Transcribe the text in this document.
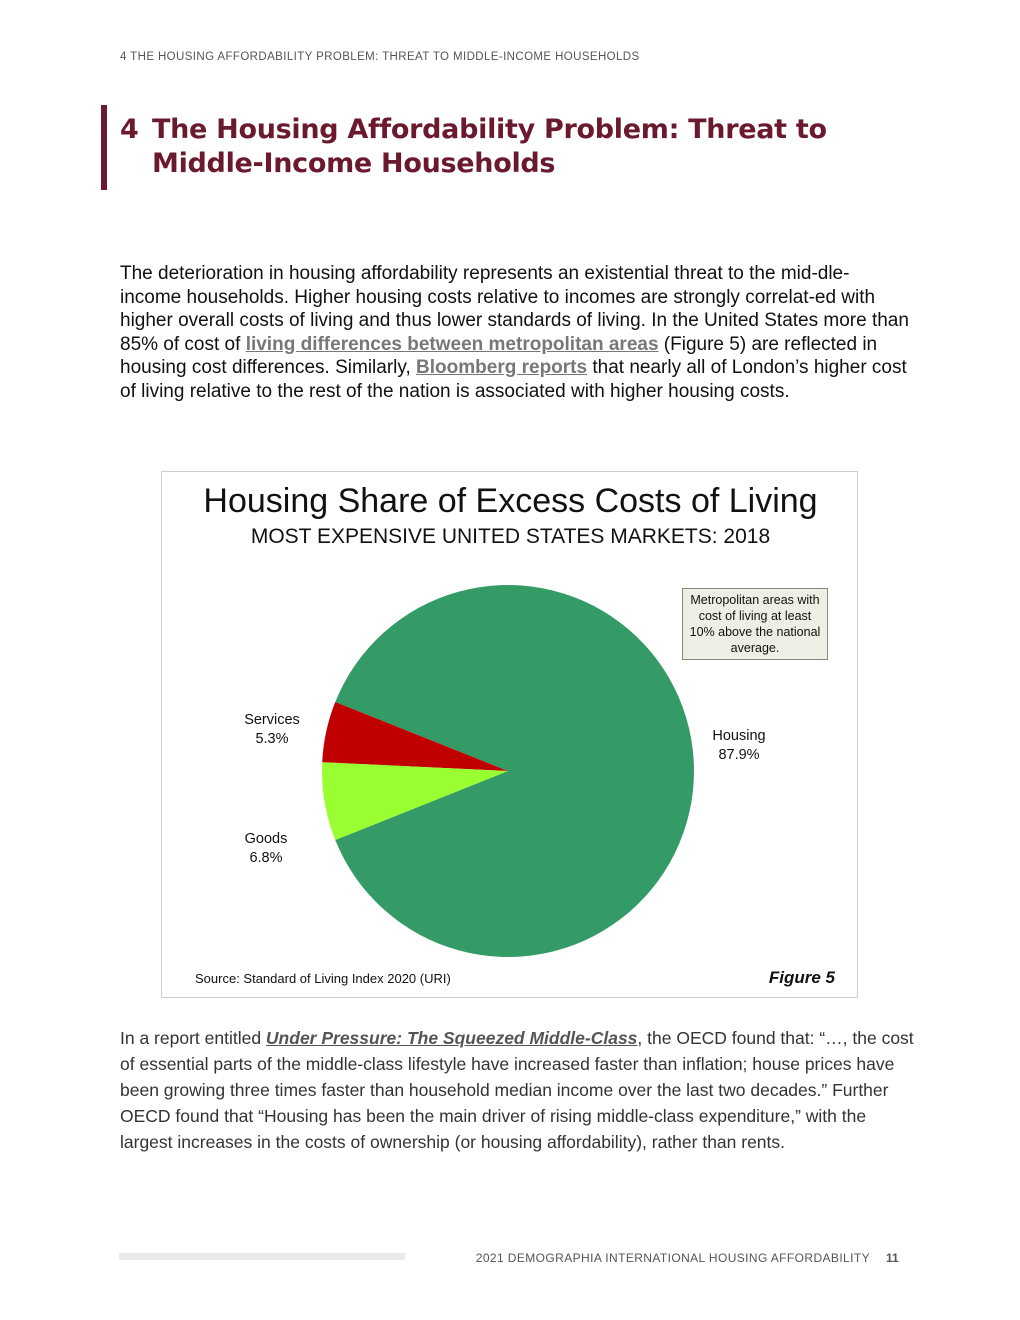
4 THE HOUSING AFFORDABILITY PROBLEM: THREAT TO MIDDLE-INCOME HOUSEHOLDS
4 The Housing Affordability Problem: Threat to
Middle-Income Households

The deterioration in housing affordability represents an existential threat to the mid-dle-income households. Higher housing costs relative to incomes are strongly correlat-ed with higher overall costs of living and thus lower standards of living. In the United States more than 85% of cost of living differences between metropolitan areas (Figure 5) are reflected in housing cost differences. Similarly, Bloomberg reports that nearly all of London’s higher cost of living relative to the rest of the nation is associated with higher housing costs.

Housing Share of Excess Costs of Living
MOST EXPENSIVE UNITED STATES MARKETS: 2018
Metropolitan areas with cost of living at least 10% above the national average.
Housing
87.9%
Services
5.3%
Goods
6.8%
Source: Standard of Living Index 2020 (URI)	Figure 5

In a report entitled Under Pressure: The Squeezed Middle-Class, the OECD found that: “…, the cost of essential parts of the middle-class lifestyle have increased faster than inflation; house prices have been growing three times faster than household median income over the last two decades.” Further OECD found that “Housing has been the main driver of rising middle-class expenditure,” with the largest increases in the costs of ownership (or housing affordability), rather than rents.

2021 DEMOGRAPHIA INTERNATIONAL HOUSING AFFORDABILITY 11
